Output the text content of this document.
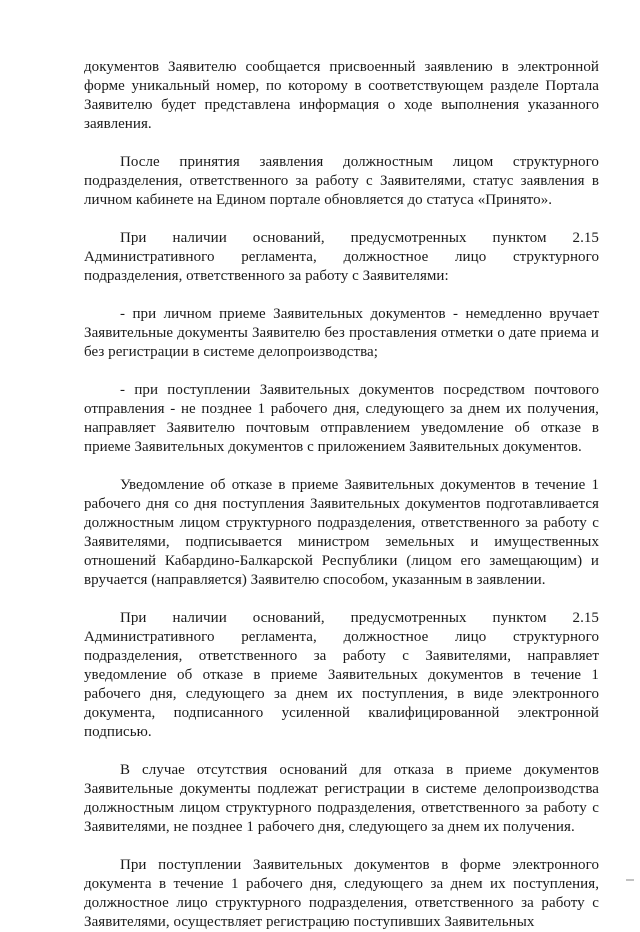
документов Заявителю сообщается присвоенный заявлению в электронной форме уникальный номер, по которому в соответствующем разделе Портала Заявителю будет представлена информация о ходе выполнения указанного заявления.

После принятия заявления должностным лицом структурного подразделения, ответственного за работу с Заявителями, статус заявления в личном кабинете на Едином портале обновляется до статуса «Принято».

При наличии оснований, предусмотренных пунктом 2.15 Административного регламента, должностное лицо структурного подразделения, ответственного за работу с Заявителями:

- при личном приеме Заявительных документов - немедленно вручает Заявительные документы Заявителю без проставления отметки о дате приема и без регистрации в системе делопроизводства;

- при поступлении Заявительных документов посредством почтового отправления - не позднее 1 рабочего дня, следующего за днем их получения, направляет Заявителю почтовым отправлением уведомление об отказе в приеме Заявительных документов с приложением Заявительных документов.

Уведомление об отказе в приеме Заявительных документов в течение 1 рабочего дня со дня поступления Заявительных документов подготавливается должностным лицом структурного подразделения, ответственного за работу с Заявителями, подписывается министром земельных и имущественных отношений Кабардино-Балкарской Республики (лицом его замещающим) и вручается (направляется) Заявителю способом, указанным в заявлении.

При наличии оснований, предусмотренных пунктом 2.15 Административного регламента, должностное лицо структурного подразделения, ответственного за работу с Заявителями, направляет уведомление об отказе в приеме Заявительных документов в течение 1 рабочего дня, следующего за днем их поступления, в виде электронного документа, подписанного усиленной квалифицированной электронной подписью.

В случае отсутствия оснований для отказа в приеме документов Заявительные документы подлежат регистрации в системе делопроизводства должностным лицом структурного подразделения, ответственного за работу с Заявителями, не позднее 1 рабочего дня, следующего за днем их получения.

При поступлении Заявительных документов в форме электронного документа в течение 1 рабочего дня, следующего за днем их поступления, должностное лицо структурного подразделения, ответственного за работу с Заявителями, осуществляет регистрацию поступивших Заявительных
